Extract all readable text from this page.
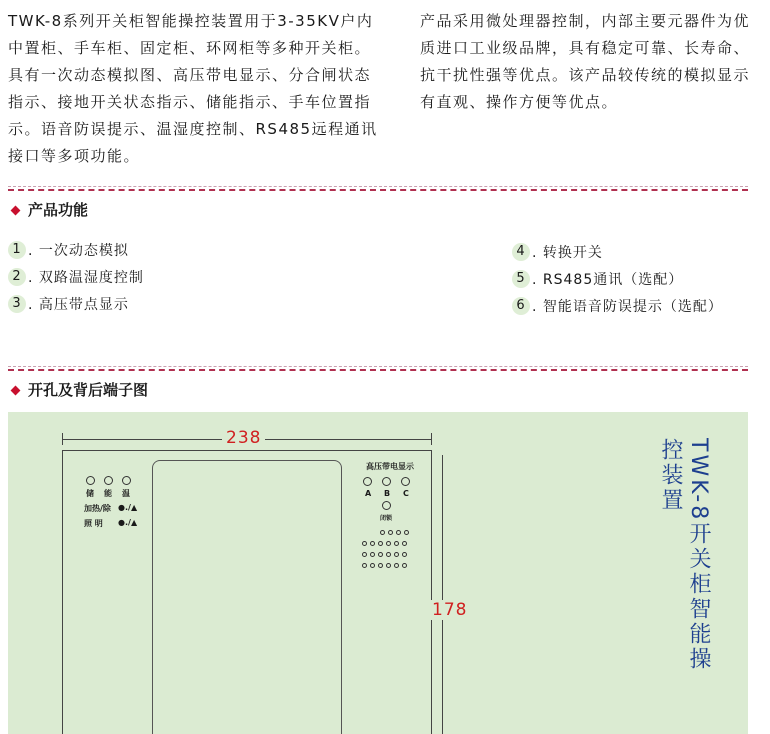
TWK-8系列开关柜智能操控装置用于3-35KV户内中置柜、手车柜、固定柜、环网柜等多种开关柜。具有一次动态模拟图、高压带电显示、分合闸状态指示、接地开关状态指示、储能指示、手车位置指示。语音防误提示、温湿度控制、RS485远程通讯接口等多项功能。

产品采用微处理器控制，内部主要元器件为优质进口工业级品牌，具有稳定可靠、长寿命、抗干扰性强等优点。该产品较传统的模拟显示有直观、操作方便等优点。

产品功能
1 . 一次动态模拟
2 . 双路温湿度控制
3 . 高压带点显示
4 . 转换开关
5 . RS485通讯（选配）
6 . 智能语音防误提示（选配）
开孔及背后端子图
238
178
储 能 温
加热/除 ●./▲
照 明 ●./▲
高压带电显示
A B C
闭锁	TWK-8开关柜智能操控装置
